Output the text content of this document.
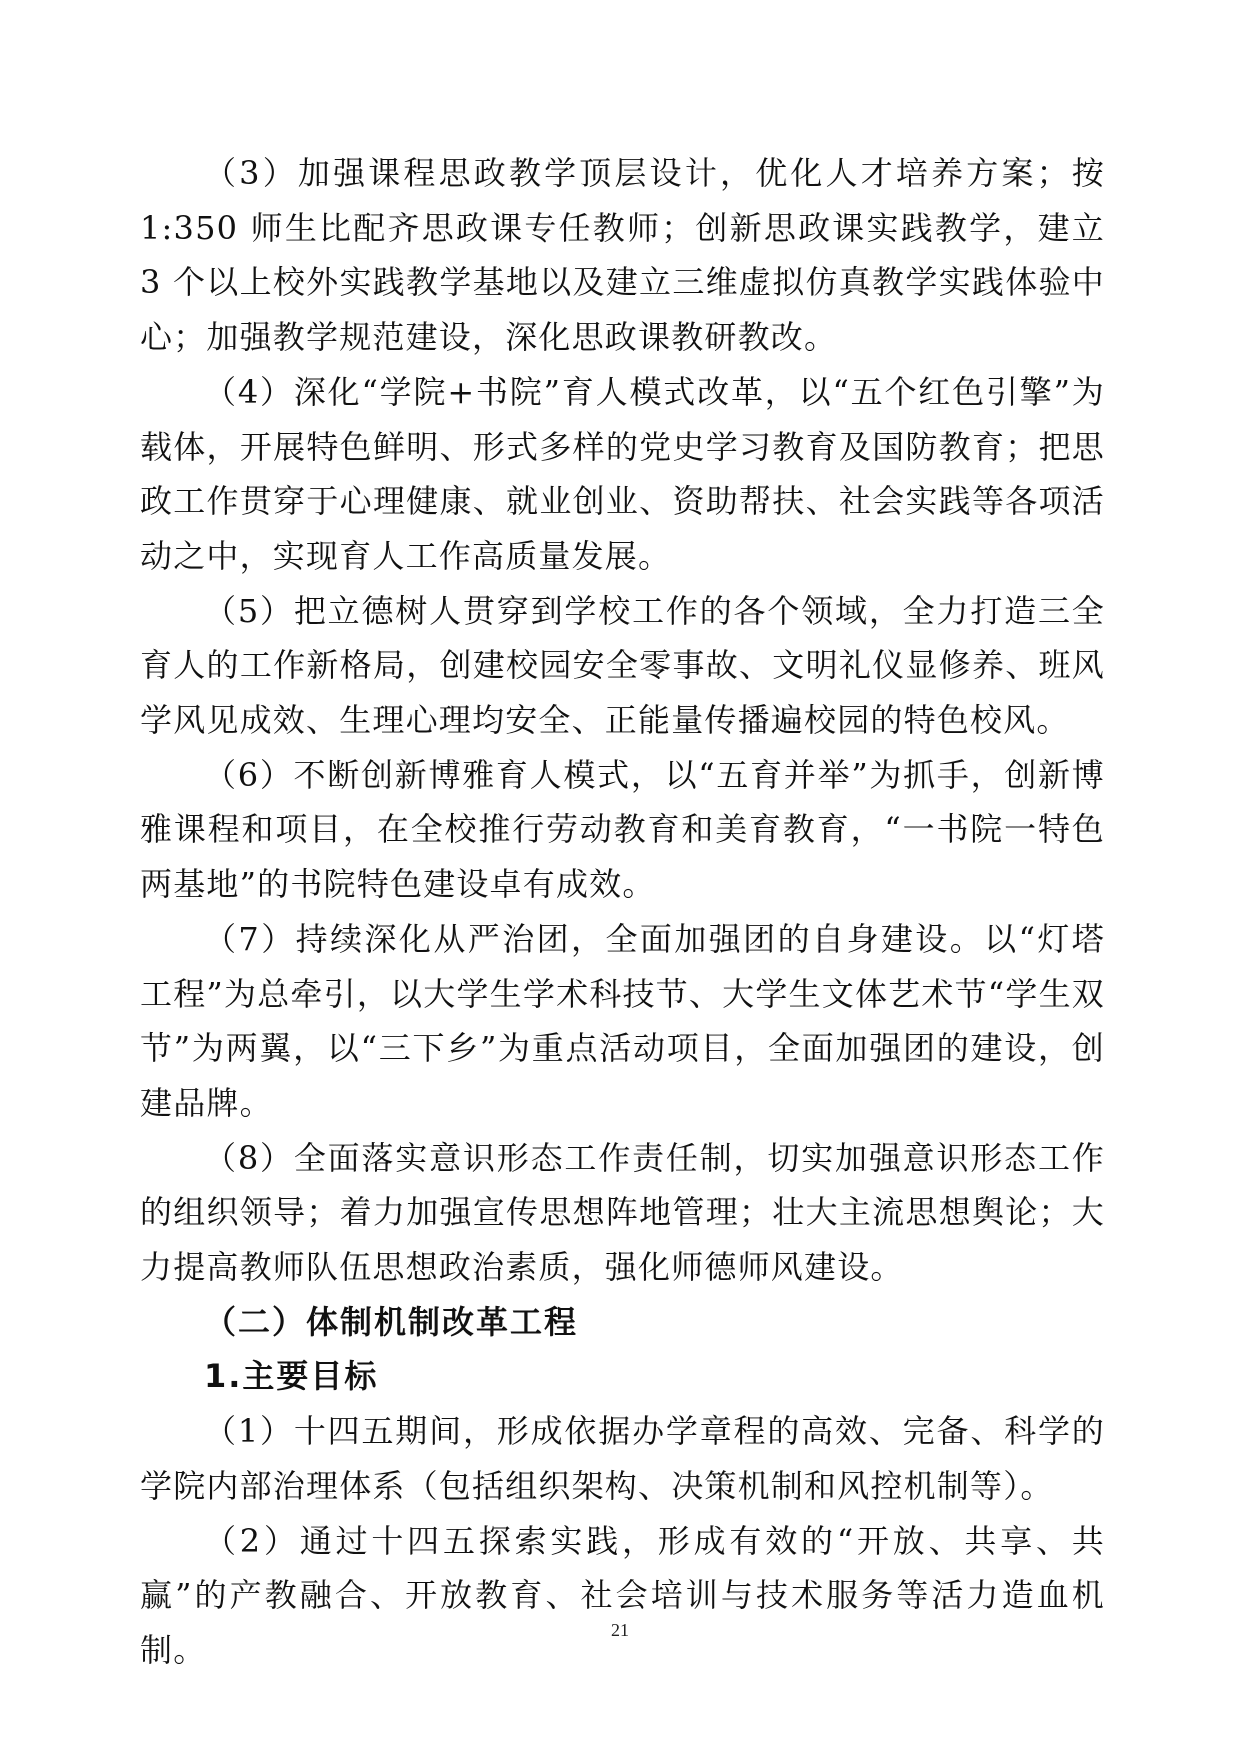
（3）加强课程思政教学顶层设计，优化人才培养方案；按 1:350 师生比配齐思政课专任教师；创新思政课实践教学，建立 3 个以上校外实践教学基地以及建立三维虚拟仿真教学实践体验中心；加强教学规范建设，深化思政课教研教改。

（4）深化“学院+书院”育人模式改革，以“五个红色引擎”为载体，开展特色鲜明、形式多样的党史学习教育及国防教育；把思政工作贯穿于心理健康、就业创业、资助帮扶、社会实践等各项活动之中，实现育人工作高质量发展。

（5）把立德树人贯穿到学校工作的各个领域，全力打造三全育人的工作新格局，创建校园安全零事故、文明礼仪显修养、班风学风见成效、生理心理均安全、正能量传播遍校园的特色校风。

（6）不断创新博雅育人模式，以“五育并举”为抓手，创新博雅课程和项目，在全校推行劳动教育和美育教育，“一书院一特色两基地”的书院特色建设卓有成效。

（7）持续深化从严治团，全面加强团的自身建设。以“灯塔工程”为总牵引，以大学生学术科技节、大学生文体艺术节“学生双节”为两翼，以“三下乡”为重点活动项目，全面加强团的建设，创建品牌。

（8）全面落实意识形态工作责任制，切实加强意识形态工作的组织领导；着力加强宣传思想阵地管理；壮大主流思想舆论；大力提高教师队伍思想政治素质，强化师德师风建设。

（二）体制机制改革工程

1.主要目标

（1）十四五期间，形成依据办学章程的高效、完备、科学的学院内部治理体系（包括组织架构、决策机制和风控机制等）。

（2）通过十四五探索实践，形成有效的“开放、共享、共赢”的产教融合、开放教育、社会培训与技术服务等活力造血机制。

21
